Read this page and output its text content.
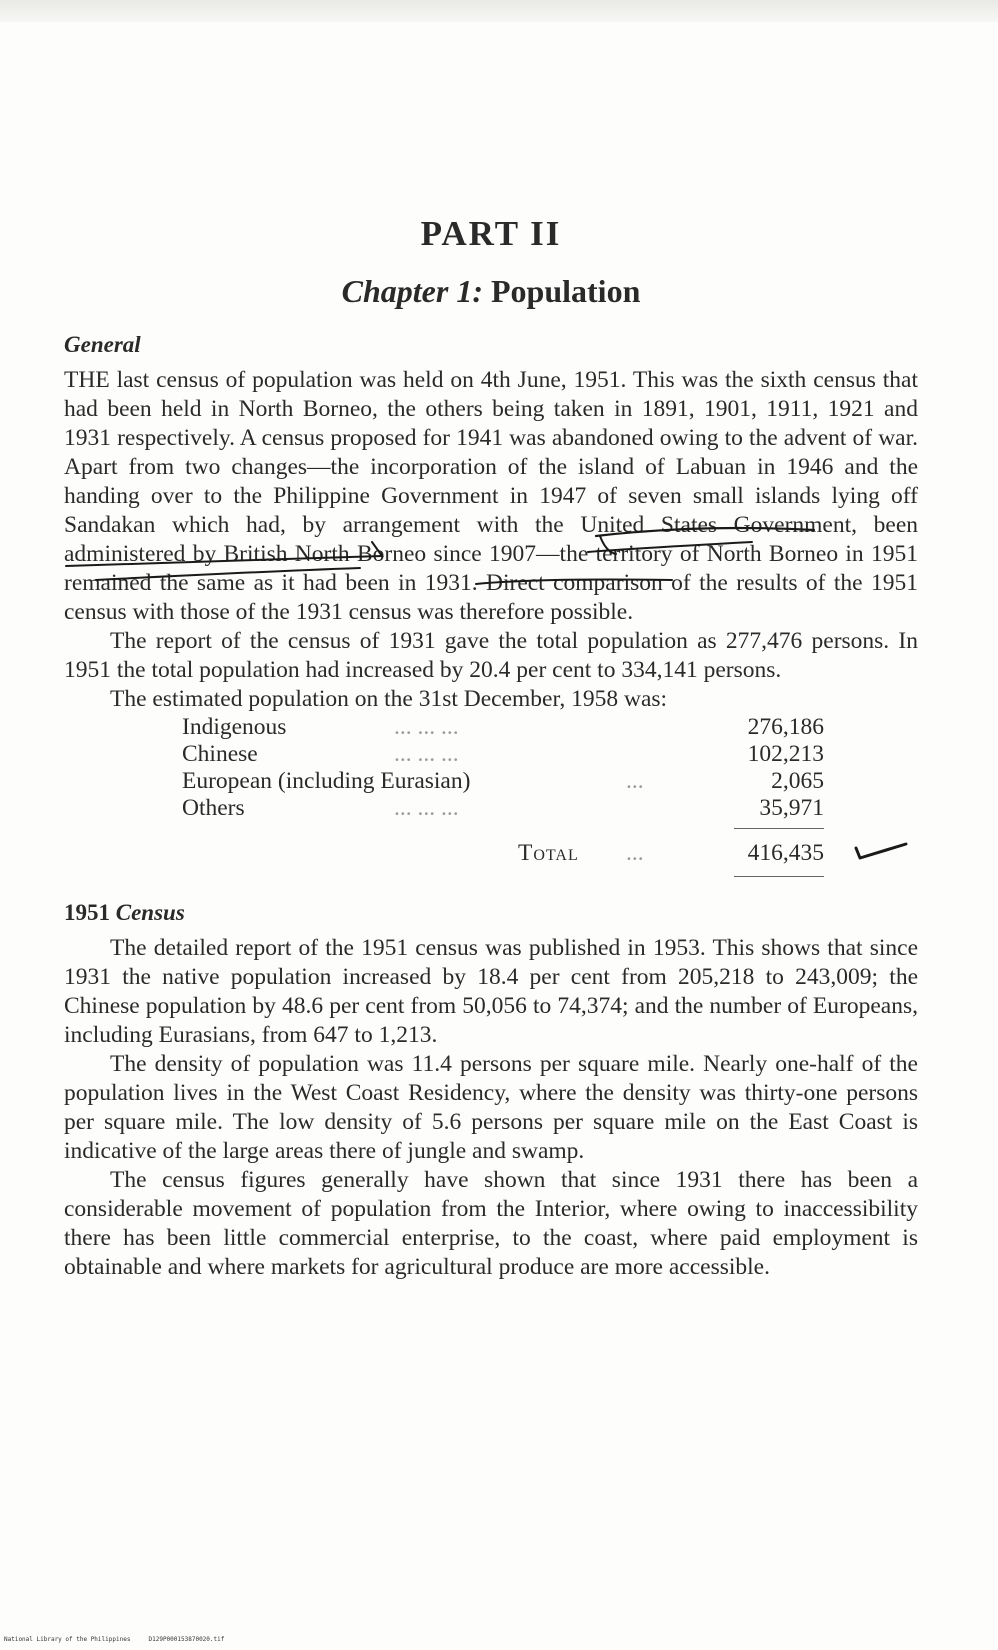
PART II
Chapter 1: Population
General

THE last census of population was held on 4th June, 1951. This was the sixth census that had been held in North Borneo, the others being taken in 1891, 1901, 1911, 1921 and 1931 respectively. A census proposed for 1941 was abandoned owing to the advent of war. Apart from two changes—the incorporation of the island of Labuan in 1946 and the handing over to the Philippine Government in 1947 of seven small islands lying off Sandakan which had, by arrangement with the United States Government, been administered by British North Borneo since 1907—the territory of North Borneo in 1951 remained the same as it had been in 1931. Direct comparison of the results of the 1951 census with those of the 1931 census was therefore possible.

The report of the census of 1931 gave the total population as 277,476 persons. In 1951 the total population had increased by 20.4 per cent to 334,141 persons.

The estimated population on the 31st December, 1958 was:

Indigenous	... ... ...	276,186
Chinese	... ... ...	102,213
European (including Eurasian)	...	2,065
Others	... ... ...	35,971
Total ...	416,435
1951 Census

The detailed report of the 1951 census was published in 1953. This shows that since 1931 the native population increased by 18.4 per cent from 205,218 to 243,009; the Chinese population by 48.6 per cent from 50,056 to 74,374; and the number of Europeans, including Eurasians, from 647 to 1,213.

The density of population was 11.4 persons per square mile. Nearly one-half of the population lives in the West Coast Residency, where the density was thirty-one persons per square mile. The low density of 5.6 persons per square mile on the East Coast is indicative of the large areas there of jungle and swamp.

The census figures generally have shown that since 1931 there has been a considerable movement of population from the Interior, where owing to inaccessibility there has been little commercial enterprise, to the coast, where paid employment is obtainable and where markets for agricultural produce are more accessible.

National Library of the Philippines     D129P000153870020.tif
